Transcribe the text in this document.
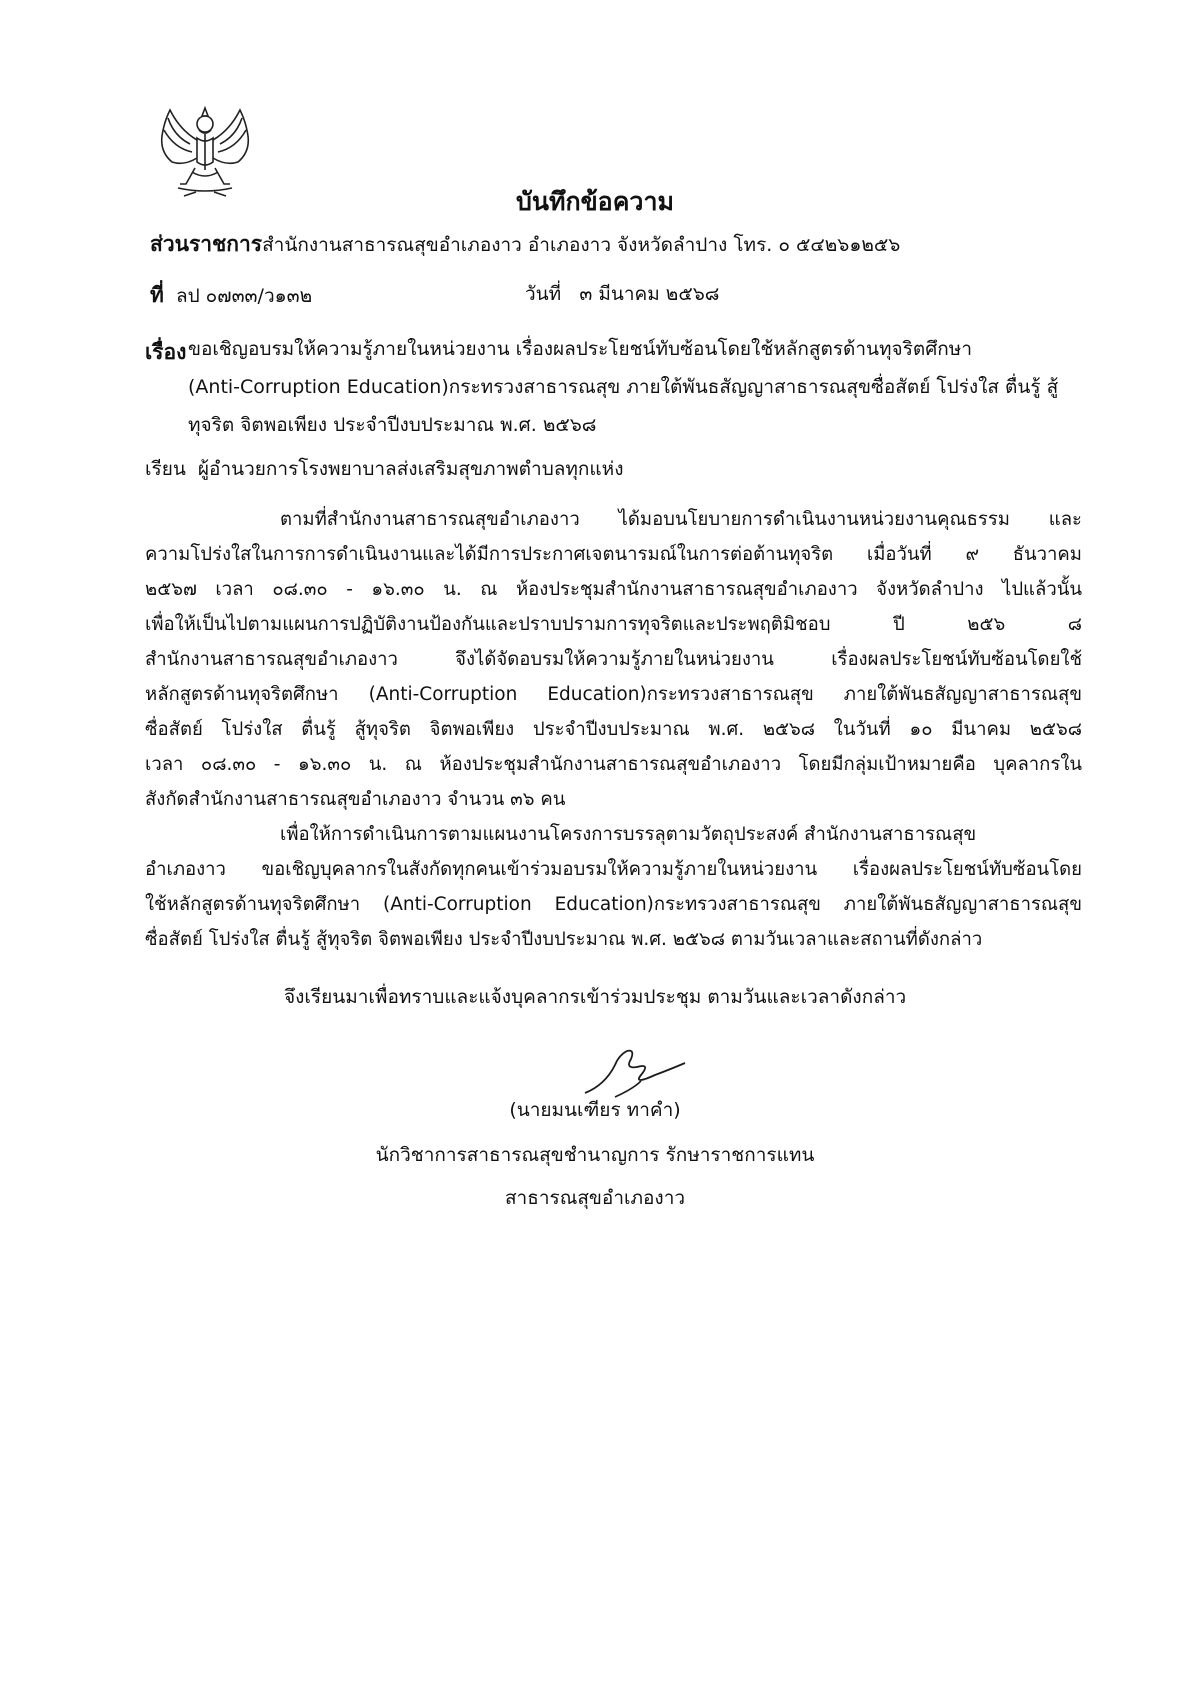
บันทึกข้อความ
ส่วนราชการสำนักงานสาธารณสุขอำเภองาว อำเภองาว จังหวัดลำปาง โทร. ๐ ๕๔๒๖๑๒๕๖
ที่ ลป ๐๗๓๓/ว๑๓๒	วันที่ ๓ มีนาคม ๒๕๖๘
เรื่อง ขอเชิญอบรมให้ความรู้ภายในหน่วยงาน เรื่องผลประโยชน์ทับซ้อนโดยใช้หลักสูตรด้านทุจริตศึกษา
(Anti-Corruption Education)กระทรวงสาธารณสุข ภายใต้พันธสัญญาสาธารณสุขซื่อสัตย์ โปร่งใส ตื่นรู้ สู้
ทุจริต จิตพอเพียง ประจำปีงบประมาณ พ.ศ. ๒๕๖๘
เรียน ผู้อำนวยการโรงพยาบาลส่งเสริมสุขภาพตำบลทุกแห่ง
ตามที่สำนักงานสาธารณสุขอำเภองาว ได้มอบนโยบายการดำเนินงานหน่วยงานคุณธรรม และ
ความโปร่งใสในการการดำเนินงานและได้มีการประกาศเจตนารมณ์ในการต่อต้านทุจริต เมื่อวันที่ ๙ ธันวาคม
๒๕๖๗ เวลา ๐๘.๓๐ - ๑๖.๓๐ น. ณ ห้องประชุมสำนักงานสาธารณสุขอำเภองาว จังหวัดลำปาง ไปแล้วนั้น
เพื่อให้เป็นไปตามแผนการปฏิบัติงานป้องกันและปราบปรามการทุจริตและประพฤติมิชอบ ปี ๒๕๖ ๘
สำนักงานสาธารณสุขอำเภองาว จึงได้จัดอบรมให้ความรู้ภายในหน่วยงาน เรื่องผลประโยชน์ทับซ้อนโดยใช้
หลักสูตรด้านทุจริตศึกษา (Anti-Corruption Education)กระทรวงสาธารณสุข ภายใต้พันธสัญญาสาธารณสุข
ซื่อสัตย์ โปร่งใส ตื่นรู้ สู้ทุจริต จิตพอเพียง ประจำปีงบประมาณ พ.ศ. ๒๕๖๘ ในวันที่ ๑๐ มีนาคม ๒๕๖๘
เวลา ๐๘.๓๐ - ๑๖.๓๐ น. ณ ห้องประชุมสำนักงานสาธารณสุขอำเภองาว โดยมีกลุ่มเป้าหมายคือ บุคลากรใน
สังกัดสำนักงานสาธารณสุขอำเภองาว จำนวน ๓๖ คน
เพื่อให้การดำเนินการตามแผนงานโครงการบรรลุตามวัตถุประสงค์ สำนักงานสาธารณสุข
อำเภองาว ขอเชิญบุคลากรในสังกัดทุกคนเข้าร่วมอบรมให้ความรู้ภายในหน่วยงาน เรื่องผลประโยชน์ทับซ้อนโดย
ใช้หลักสูตรด้านทุจริตศึกษา (Anti-Corruption Education)กระทรวงสาธารณสุข ภายใต้พันธสัญญาสาธารณสุข
ซื่อสัตย์ โปร่งใส ตื่นรู้ สู้ทุจริต จิตพอเพียง ประจำปีงบประมาณ พ.ศ. ๒๕๖๘ ตามวันเวลาและสถานที่ดังกล่าว
จึงเรียนมาเพื่อทราบและแจ้งบุคลากรเข้าร่วมประชุม ตามวันและเวลาดังกล่าว
(นายมนเฑียร ทาคำ)
นักวิชาการสาธารณสุขชำนาญการ รักษาราชการแทน
สาธารณสุขอำเภองาว
